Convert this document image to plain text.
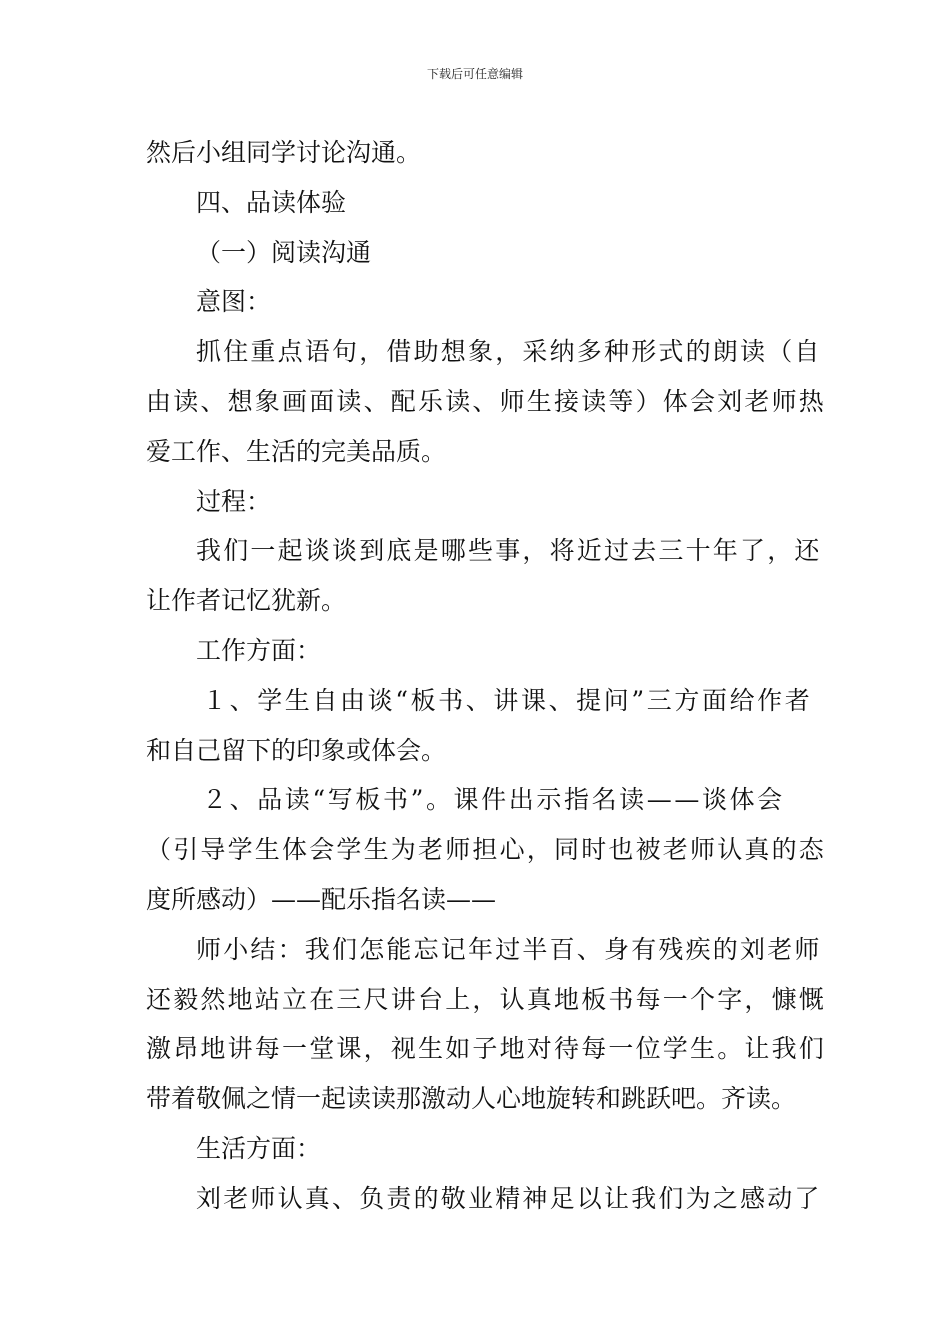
下载后可任意编辑
然后小组同学讨论沟通。
四、品读体验
（一）阅读沟通
意图：
抓住重点语句，借助想象，采纳多种形式的朗读（自
由读、想象画面读、配乐读、师生接读等）体会刘老师热
爱工作、生活的完美品质。
过程：
我们一起谈谈到底是哪些事，将近过去三十年了，还
让作者记忆犹新。
工作方面：
１、学生自由谈“板书、讲课、提问”三方面给作者
和自己留下的印象或体会。
２、品读“写板书”。课件出示指名读——谈体会
（引导学生体会学生为老师担心，同时也被老师认真的态
度所感动）——配乐指名读——
师小结：我们怎能忘记年过半百、身有残疾的刘老师
还毅然地站立在三尺讲台上，认真地板书每一个字，慷慨
激昂地讲每一堂课，视生如子地对待每一位学生。让我们
带着敬佩之情一起读读那激动人心地旋转和跳跃吧。齐读。
生活方面：
刘老师认真、负责的敬业精神足以让我们为之感动了
